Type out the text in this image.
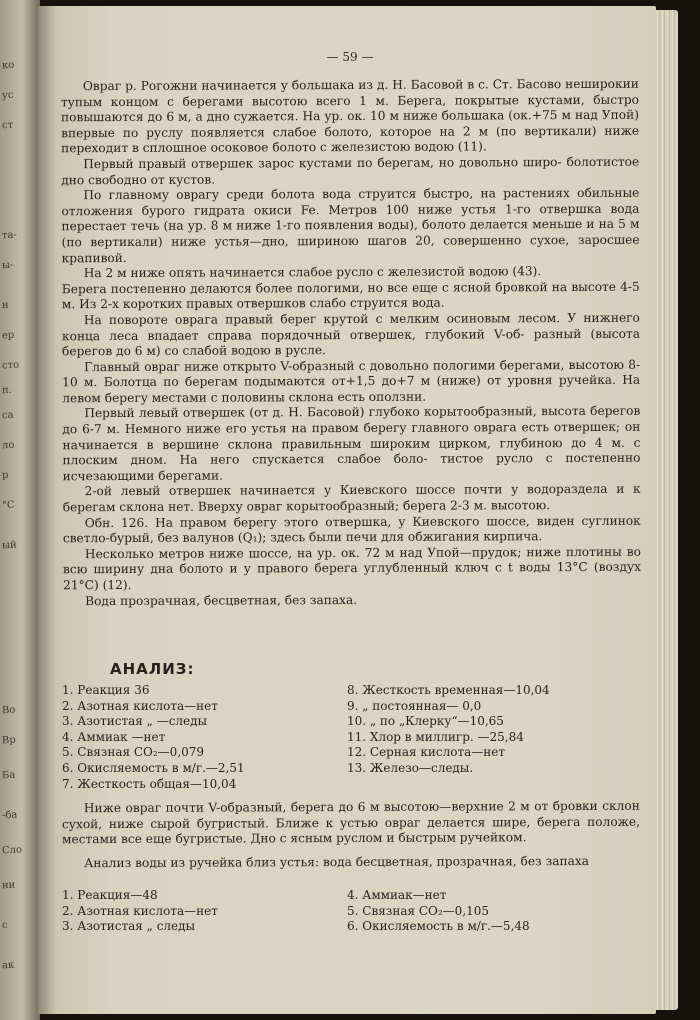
ко
ус
ст
та-
ы-
н
ер
сто
п.
са
ло
р
°C
ый
Во
Вр
Ба
-ба
Сло
ни
с
ак
— 59 —

Овраг р. Рогожни начинается у большака из д. Н. Басовой в с. Ст. Басово неширокии тупым концом с берегами высотою всего 1 м. Берега, покрытые кустами, быстро повышаются до 6 м, а дно сужается. На ур. ок. 10 м ниже большака (ок.+75 м над Упой) впервые по руслу появляется слабое болото, которое на 2 м (по вертикали) ниже переходит в сплошное осоковое болото с железистою водою (11).

Первый правый отвершек зарос кустами по берегам, но довольно широ- болотистое дно свободно от кустов.

По главному оврагу среди болота вода струится быстро, на растениях обильные отложения бурого гидрата окиси Fe. Метров 100 ниже устья 1-го отвершка вода перестает течь (на ур. 8 м ниже 1-го появления воды), болото делается меньше и на 5 м (по вертикали) ниже устья—дно, шириною шагов 20, совершенно сухое, заросшее крапивой.

На 2 м ниже опять начинается слабое русло с железистой водою (43).

Берега постепенно делаются более пологими, но все еще с ясной бровкой на высоте 4-5 м. Из 2-х коротких правых отвершков слабо струится вода.

На повороте оврага правый берег крутой с мелким осиновым лесом. У нижнего конца леса впадает справа порядочный отвершек, глубокий V-об- разный (высота берегов до 6 м) со слабой водою в русле.

Главный овраг ниже открыто V-образный с довольно пологими берегами, высотою 8-10 м. Болотца по берегам подымаются от+1,5 до+7 м (ниже) от уровня ручейка. На левом берегу местами с половины склона есть оползни.

Первый левый отвершек (от д. Н. Басовой) глубоко корытообразный, высота берегов до 6-7 м. Немного ниже его устья на правом берегу главного оврага есть отвершек; он начинается в вершине склона правильным широким цирком, глубиною до 4 м. с плоским дном. На него спускается слабое боло- тистое русло с постепенно исчезающими берегами.

2-ой левый отвершек начинается у Киевского шоссе почти у водораздела и к берегам склона нет. Вверху овраг корытообразный; берега 2-3 м. высотою.

Обн. 126. На правом берегу этого отвершка, у Киевского шоссе, виден суглинок светло-бурый, без валунов (Q₁); здесь были печи для обжигания кирпича.

Несколько метров ниже шоссе, на ур. ок. 72 м над Упой—прудок; ниже плотины во всю ширину дна болото и у правого берега углубленный ключ с t воды 13°C (воздух 21°C) (12).

Вода прозрачная, бесцветная, без запаха.

АНАЛИЗ:
1. Реакция 36
2. Азотная кислота—нет
3. Азотистая „ —следы
4. Аммиак —нет
5. Связная CO₂—0,079
6. Окисляемость в м/г.—2,51
7. Жесткость общая—10,04
8. Жесткость временная—10,04
9. „ постоянная— 0,0
10. „ по „Клерку“—10,65
11. Хлор в миллигр. —25,84
12. Серная кислота—нет
13. Железо—следы.

Ниже овраг почти V-образный, берега до 6 м высотою—верхние 2 м от бровки склон сухой, ниже сырой бугристый. Ближе к устью овраг делается шире, берега положе, местами все еще бугристые. Дно с ясным руслом и быстрым ручейком.

Анализ воды из ручейка близ устья: вода бесцветная, прозрачная, без запаха

1. Реакция—48
2. Азотная кислота—нет
3. Азотистая „ следы
4. Аммиак—нет
5. Связная CO₂—0,105
6. Окисляемость в м/г.—5,48
